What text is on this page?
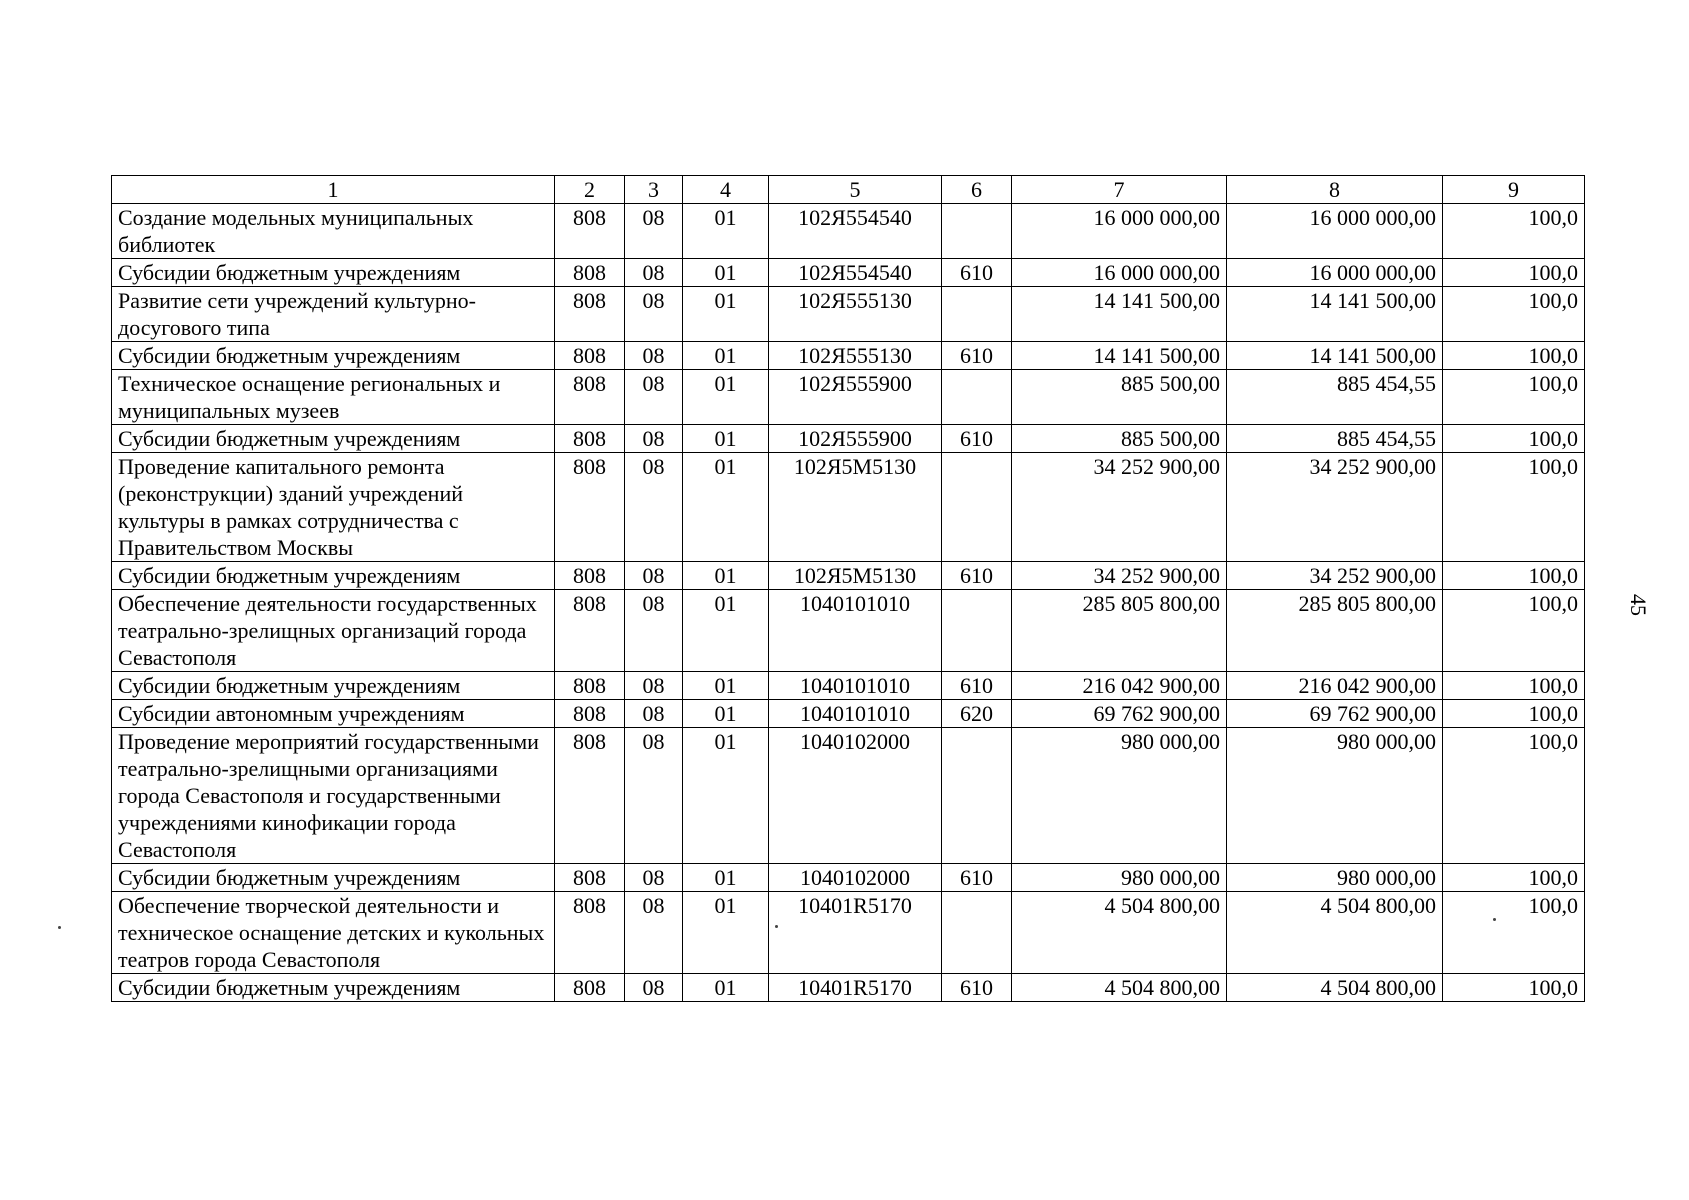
1	2	3	4	5	6	7	8	9
Создание модельных муниципальных библиотек	808	08	01	102Я554540		16 000 000,00	16 000 000,00	100,0
Субсидии бюджетным учреждениям	808	08	01	102Я554540	610	16 000 000,00	16 000 000,00	100,0
Развитие сети учреждений культурно-досугового типа	808	08	01	102Я555130		14 141 500,00	14 141 500,00	100,0
Субсидии бюджетным учреждениям	808	08	01	102Я555130	610	14 141 500,00	14 141 500,00	100,0
Техническое оснащение региональных и муниципальных музеев	808	08	01	102Я555900		885 500,00	885 454,55	100,0
Субсидии бюджетным учреждениям	808	08	01	102Я555900	610	885 500,00	885 454,55	100,0
Проведение капитального ремонта (реконструкции) зданий учреждений культуры в рамках сотрудничества с Правительством Москвы	808	08	01	102Я5М5130		34 252 900,00	34 252 900,00	100,0
Субсидии бюджетным учреждениям	808	08	01	102Я5М5130	610	34 252 900,00	34 252 900,00	100,0
Обеспечение деятельности государственных театрально-зрелищных организаций города Севастополя	808	08	01	1040101010		285 805 800,00	285 805 800,00	100,0
Субсидии бюджетным учреждениям	808	08	01	1040101010	610	216 042 900,00	216 042 900,00	100,0
Субсидии автономным учреждениям	808	08	01	1040101010	620	69 762 900,00	69 762 900,00	100,0
Проведение мероприятий государственными театрально-зрелищными организациями города Севастополя и государственными учреждениями кинофикации города Севастополя	808	08	01	1040102000		980 000,00	980 000,00	100,0
Субсидии бюджетным учреждениям	808	08	01	1040102000	610	980 000,00	980 000,00	100,0
Обеспечение творческой деятельности и техническое оснащение детских и кукольных театров города Севастополя	808	08	01	10401R5170		4 504 800,00	4 504 800,00	100,0
Субсидии бюджетным учреждениям	808	08	01	10401R5170	610	4 504 800,00	4 504 800,00	100,0
45
